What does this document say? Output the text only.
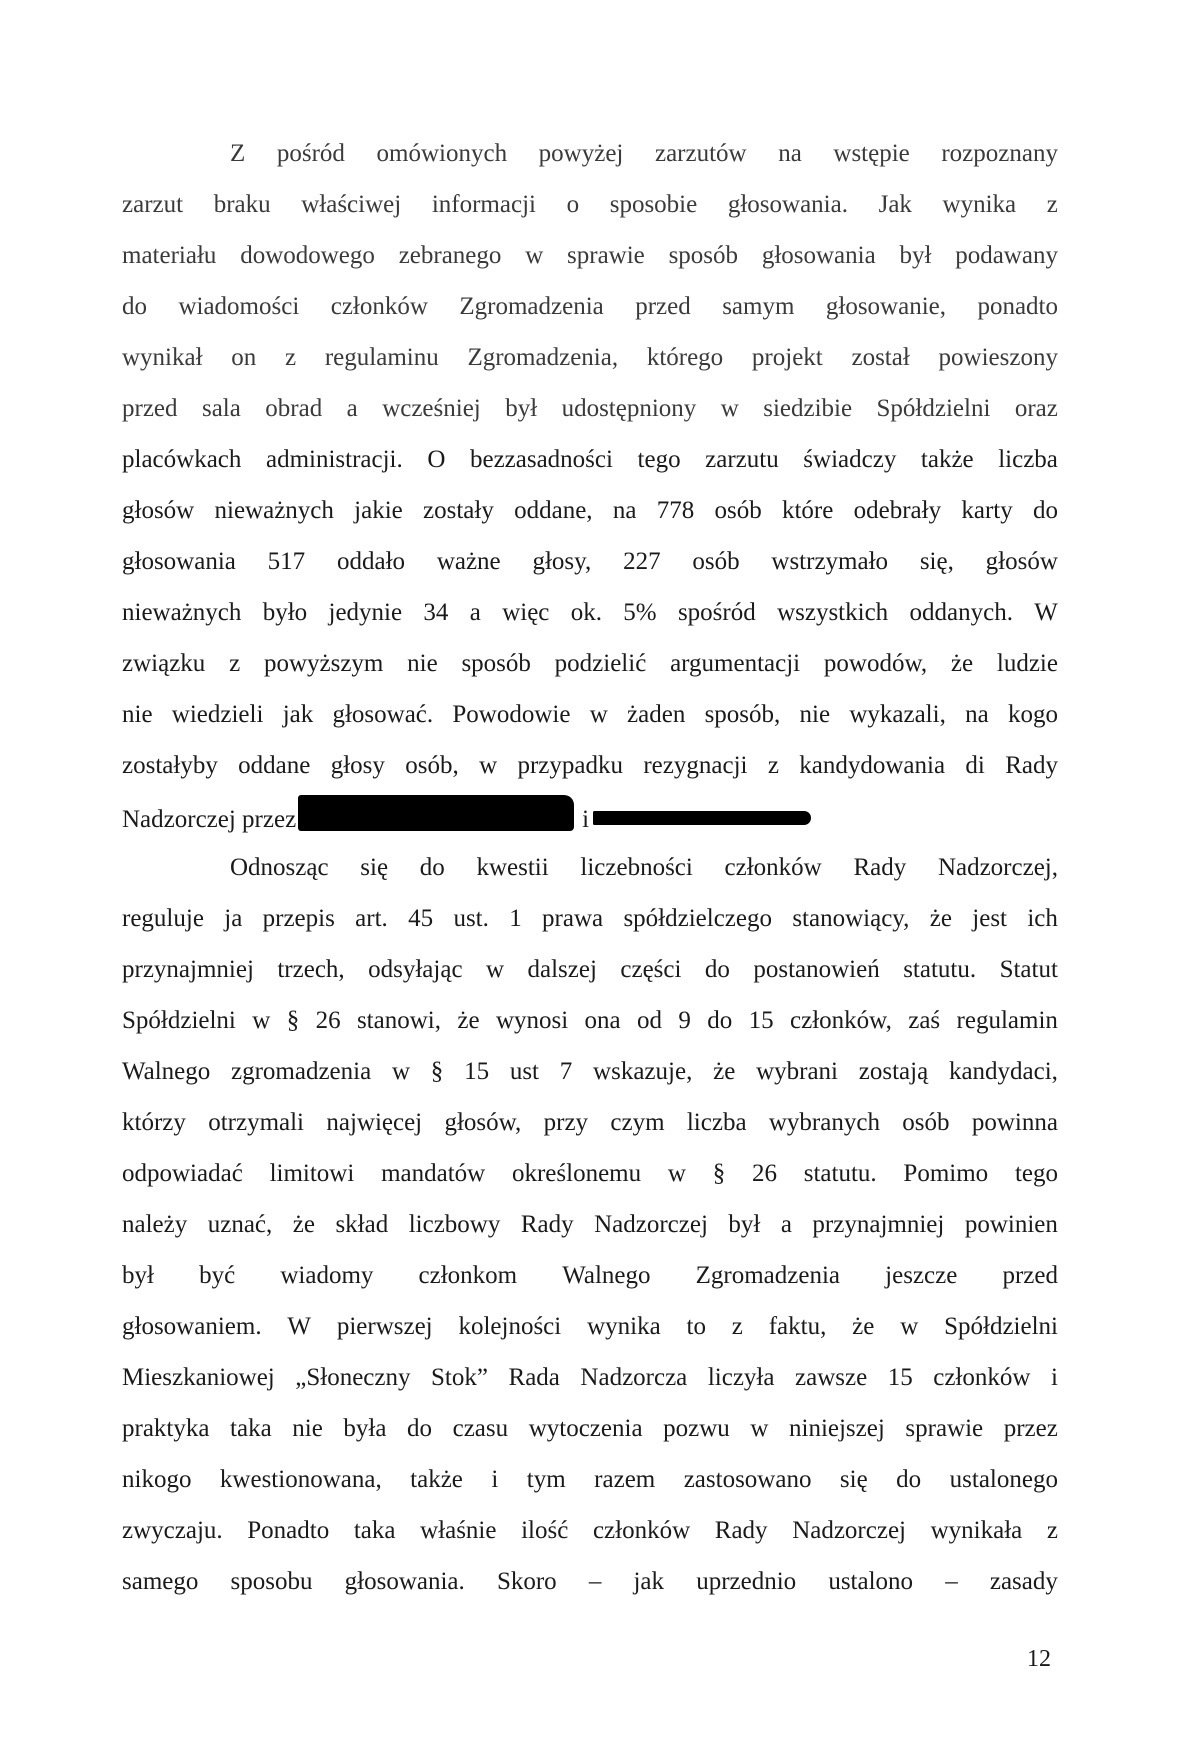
Z pośród omówionych powyżej zarzutów na wstępie rozpoznany
zarzut braku właściwej informacji o sposobie głosowania. Jak wynika z
materiału dowodowego zebranego w sprawie sposób głosowania był podawany
do wiadomości członków Zgromadzenia przed samym głosowanie, ponadto
wynikał on z regulaminu Zgromadzenia, którego projekt został powieszony
przed sala obrad a wcześniej był udostępniony w siedzibie Spółdzielni oraz
placówkach administracji. O bezzasadności tego zarzutu świadczy także liczba
głosów nieważnych jakie zostały oddane, na 778 osób które odebrały karty do
głosowania 517 oddało ważne głosy, 227 osób wstrzymało się, głosów
nieważnych było jedynie 34 a więc ok. 5% spośród wszystkich oddanych. W
związku z powyższym nie sposób podzielić argumentacji powodów, że ludzie
nie wiedzieli jak głosować. Powodowie w żaden sposób, nie wykazali, na kogo
zostałyby oddane głosy osób, w przypadku rezygnacji z kandydowania di Rady
Nadzorczej przez	i
Odnosząc się do kwestii liczebności członków Rady Nadzorczej,
reguluje ja przepis art. 45 ust. 1 prawa spółdzielczego stanowiący, że jest ich
przynajmniej trzech, odsyłając w dalszej części do postanowień statutu. Statut
Spółdzielni w § 26 stanowi, że wynosi ona od 9 do 15 członków, zaś regulamin
Walnego zgromadzenia w § 15 ust 7 wskazuje, że wybrani zostają kandydaci,
którzy otrzymali najwięcej głosów, przy czym liczba wybranych osób powinna
odpowiadać limitowi mandatów określonemu w § 26 statutu. Pomimo tego
należy uznać, że skład liczbowy Rady Nadzorczej był a przynajmniej powinien
był być wiadomy członkom Walnego Zgromadzenia jeszcze przed
głosowaniem. W pierwszej kolejności wynika to z faktu, że w Spółdzielni
Mieszkaniowej „Słoneczny Stok” Rada Nadzorcza liczyła zawsze 15 członków i
praktyka taka nie była do czasu wytoczenia pozwu w niniejszej sprawie przez
nikogo kwestionowana, także i tym razem zastosowano się do ustalonego
zwyczaju. Ponadto taka właśnie ilość członków Rady Nadzorczej wynikała z
samego sposobu głosowania. Skoro – jak uprzednio ustalono – zasady
12
